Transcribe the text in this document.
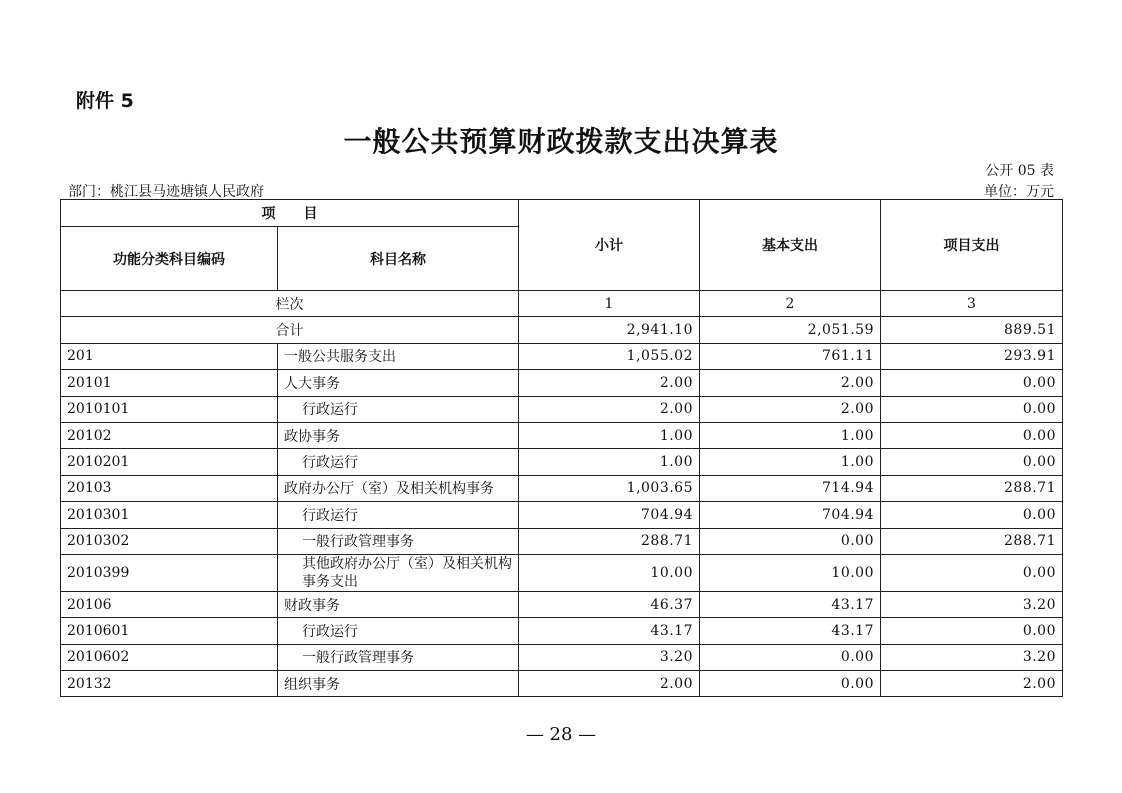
附件 5
一般公共预算财政拨款支出决算表
公开 05 表
部门：桃江县马迹塘镇人民政府	单位：万元
项　　目		小计	基本支出	项目支出
功能分类科目编码	科目名称			
栏次		1	2	3
合计		2,941.10	2,051.59	889.51
201	一般公共服务支出	1,055.02	761.11	293.91
20101	人大事务	2.00	2.00	0.00
2010101	行政运行	2.00	2.00	0.00
20102	政协事务	1.00	1.00	0.00
2010201	行政运行	1.00	1.00	0.00
20103	政府办公厅（室）及相关机构事务	1,003.65	714.94	288.71
2010301	行政运行	704.94	704.94	0.00
2010302	一般行政管理事务	288.71	0.00	288.71
2010399	其他政府办公厅（室）及相关机构事务支出	10.00	10.00	0.00
20106	财政事务	46.37	43.17	3.20
2010601	行政运行	43.17	43.17	0.00
2010602	一般行政管理事务	3.20	0.00	3.20
20132	组织事务	2.00	0.00	2.00
— 28 —
